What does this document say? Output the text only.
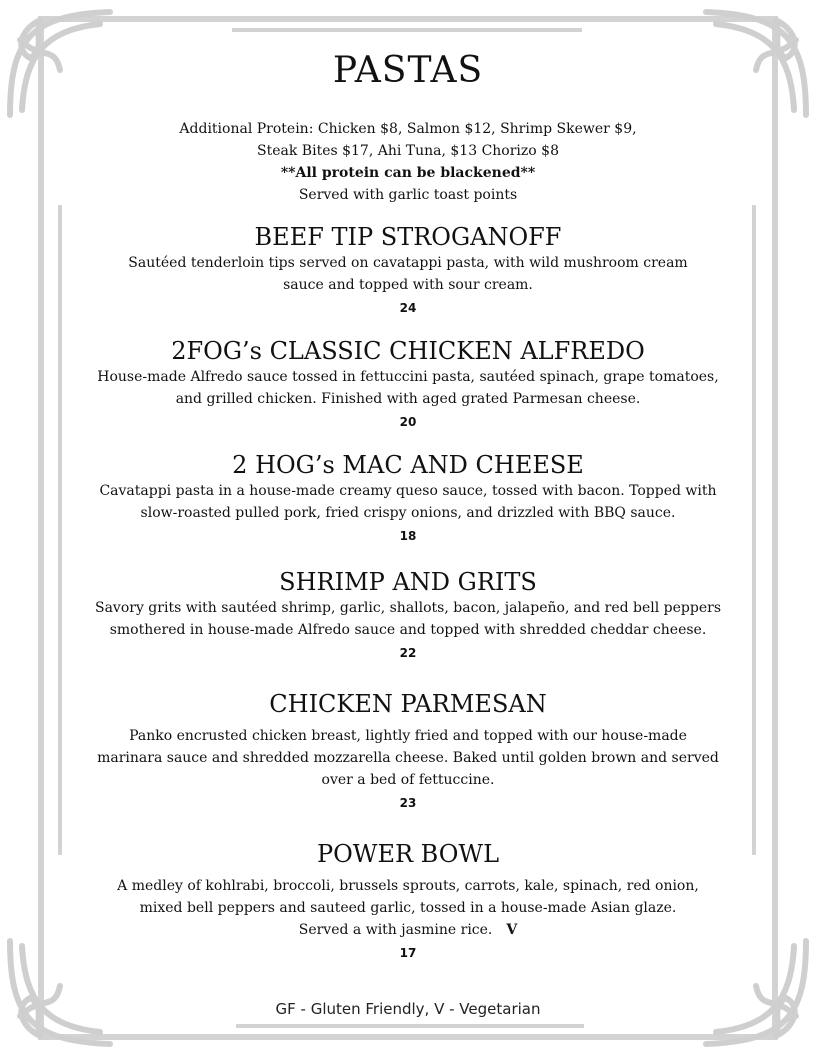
PASTAS
Additional Protein: Chicken $8, Salmon $12, Shrimp Skewer $9,
Steak Bites $17, Ahi Tuna, $13 Chorizo $8
**All protein can be blackened**
Served with garlic toast points
BEEF TIP STROGANOFF

Sautéed tenderloin tips served on cavatappi pasta, with wild mushroom cream
sauce and topped with sour cream.

24
2FOG’s CLASSIC CHICKEN ALFREDO

House-made Alfredo sauce tossed in fettuccini pasta, sautéed spinach, grape tomatoes,
and grilled chicken. Finished with aged grated Parmesan cheese.

20
2 HOG’s MAC AND CHEESE

Cavatappi pasta in a house-made creamy queso sauce, tossed with bacon. Topped with
slow-roasted pulled pork, fried crispy onions, and drizzled with BBQ sauce.

18
SHRIMP AND GRITS

Savory grits with sautéed shrimp, garlic, shallots, bacon, jalapeño, and red bell peppers
smothered in house-made Alfredo sauce and topped with shredded cheddar cheese.

22
CHICKEN PARMESAN

Panko encrusted chicken breast, lightly fried and topped with our house-made
marinara sauce and shredded mozzarella cheese. Baked until golden brown and served
over a bed of fettuccine.

23
POWER BOWL

A medley of kohlrabi, broccoli, brussels sprouts, carrots, kale, spinach, red onion,
mixed bell peppers and sauteed garlic, tossed in a house-made Asian glaze.
Served a with jasmine rice. V

17
GF - Gluten Friendly, V - Vegetarian
